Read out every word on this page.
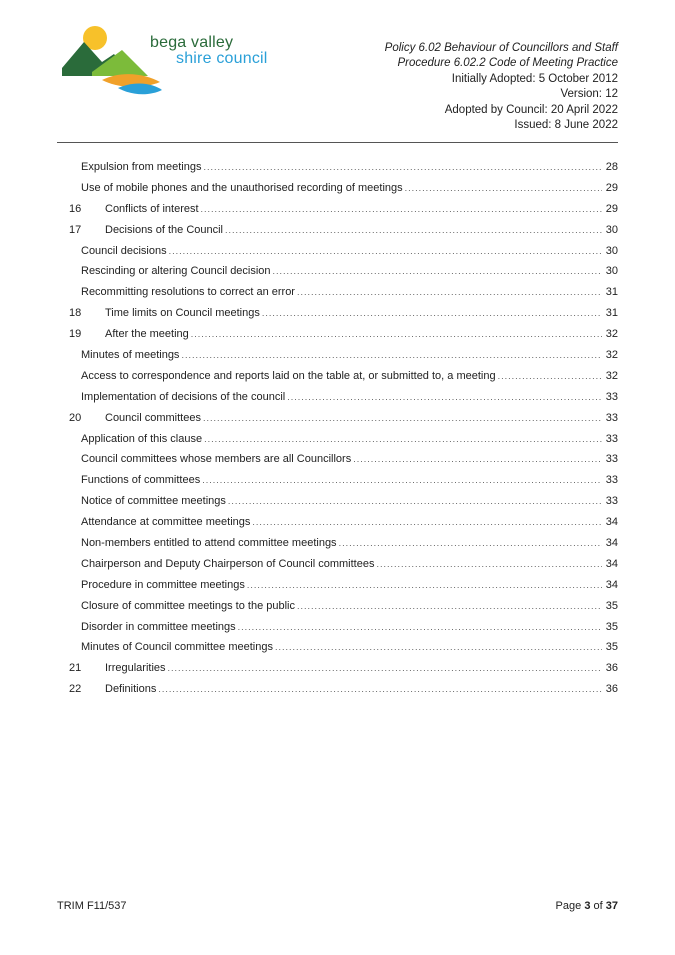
bega valley
shire council
Policy 6.02 Behaviour of Councillors and Staff
Procedure 6.02.2 Code of Meeting Practice
Initially Adopted: 5 October 2012
Version: 12
Adopted by Council: 20 April 2022
Issued: 8 June 2022
Expulsion from meetings .....	28
Use of mobile phones and the unauthorised recording of meetings .....	29
16	Conflicts of interest .....	29
17	Decisions of the Council .....	30
Council decisions .....	30
Rescinding or altering Council decision .....	30
Recommitting resolutions to correct an error .....	31
18	Time limits on Council meetings .....	31
19	After the meeting .....	32
Minutes of meetings .....	32
Access to correspondence and reports laid on the table at, or submitted to, a meeting .....	32
Implementation of decisions of the council .....	33
20	Council committees .....	33
Application of this clause .....	33
Council committees whose members are all Councillors .....	33
Functions of committees .....	33
Notice of committee meetings .....	33
Attendance at committee meetings .....	34
Non-members entitled to attend committee meetings .....	34
Chairperson and Deputy Chairperson of Council committees .....	34
Procedure in committee meetings .....	34
Closure of committee meetings to the public .....	35
Disorder in committee meetings .....	35
Minutes of Council committee meetings .....	35
21	Irregularities .....	36
22	Definitions .....	36
TRIM F11/537	Page 3 of 37
